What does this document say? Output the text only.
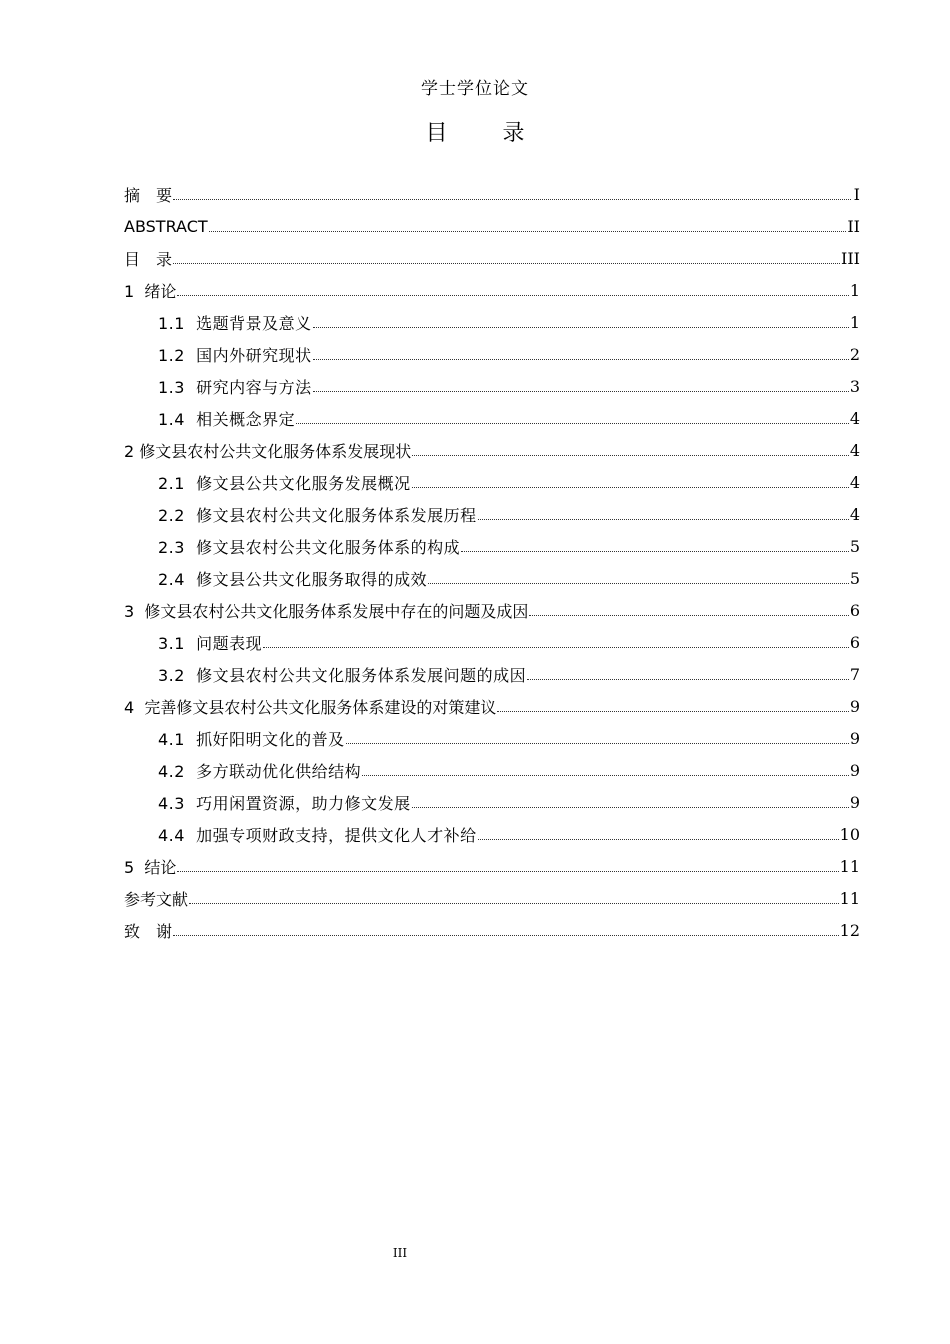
学士学位论文
目 录
摘　要	I
ABSTRACT	II
目　录	III
1  绪论	1
1.1  选题背景及意义	1
1.2  国内外研究现状	2
1.3  研究内容与方法	3
1.4  相关概念界定	4
2 修文县农村公共文化服务体系发展现状	4
2.1  修文县公共文化服务发展概况	4
2.2  修文县农村公共文化服务体系发展历程	4
2.3  修文县农村公共文化服务体系的构成	5
2.4  修文县公共文化服务取得的成效	5
3  修文县农村公共文化服务体系发展中存在的问题及成因	6
3.1  问题表现	6
3.2  修文县农村公共文化服务体系发展问题的成因	7
4  完善修文县农村公共文化服务体系建设的对策建议	9
4.1  抓好阳明文化的普及	9
4.2  多方联动优化供给结构	9
4.3  巧用闲置资源，助力修文发展	9
4.4  加强专项财政支持，提供文化人才补给	10
5  结论	11
参考文献	11
致　谢	12
III
